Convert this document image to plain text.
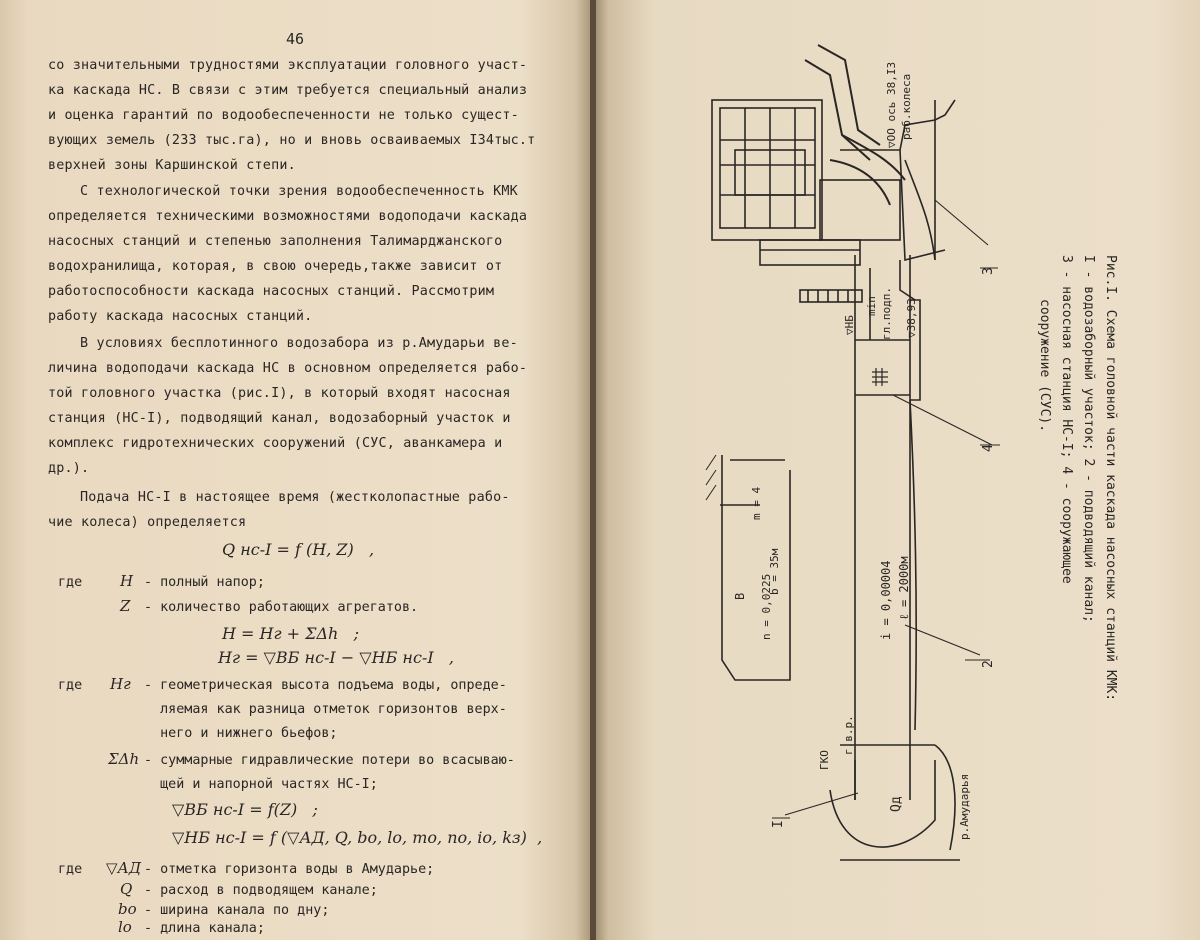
46
со значительными трудностями эксплуатации головного участ-
ка каскада НС. В связи с этим требуется специальный анализ
и оценка гарантий по водообеспеченности не только сущест-
вующих земель (233 тыс.га), но и вновь осваиваемых I34тыс.т
верхней зоны Каршинской степи.
С технологической точки зрения водообеспеченность КМК
определяется техническими возможностями водоподачи каскада
насосных станций и степенью заполнения Талимарджанского
водохранилища, которая, в свою очередь,также зависит от
работоспособности каскада насосных станций. Рассмотрим
работу каскада насосных станций.
В условиях бесплотинного водозабора из р.Амударьи ве-
личина водоподачи каскада НС в основном определяется рабо-
той головного участка (рис.I), в который входят насосная
станция (НС-I), подводящий канал, водозаборный участок и
комплекс гидротехнических сооружений (СУС, аванкамера и
др.).
Подача НС-I в настоящее время (жестколопастные рабо-
чие колеса) определяется
Q нс-I = f (H, Z)   ,
где	H - полный напор;
Z - количество работающих агрегатов.
H = Hг + ΣΔh   ;
Hг = ▽ВБ нс-I − ▽НБ нс-I   ,
где Hг - геометрическая высота подъема воды, опреде-
ляемая как разница отметок горизонтов верх-
него и нижнего бьефов;
ΣΔh - суммарные гидравлические потери во всасываю-
щей и напорной частях НС-I;
▽ВБ нс-I = f(Z)   ;
▽НБ нс-I = f (▽АД, Q, bo, lo, mo, no, io, kз)  ,
где ▽АД - отметка горизонта воды в Амударье;
Q - расход в подводящем канале;
bo - ширина канала по дну;
lo - длина канала;
▽ОО ось 38,I3 раб.колеса
▽НБ
min гл.подп. ▽38,93
i = 0,00004 ℓ = 2000м
В
m = 4
b = 35м
n = 0,0225
г.в.р.
ГКО
Qд	р.Амударья
I
2
3
4	Рис.I. Схема головной части каскада насосных станций КМК:
I - водозаборный участок; 2 - подводящий канал;
3 - насосная станция НС-I; 4 - сооружающее
сооружение (СУС).
